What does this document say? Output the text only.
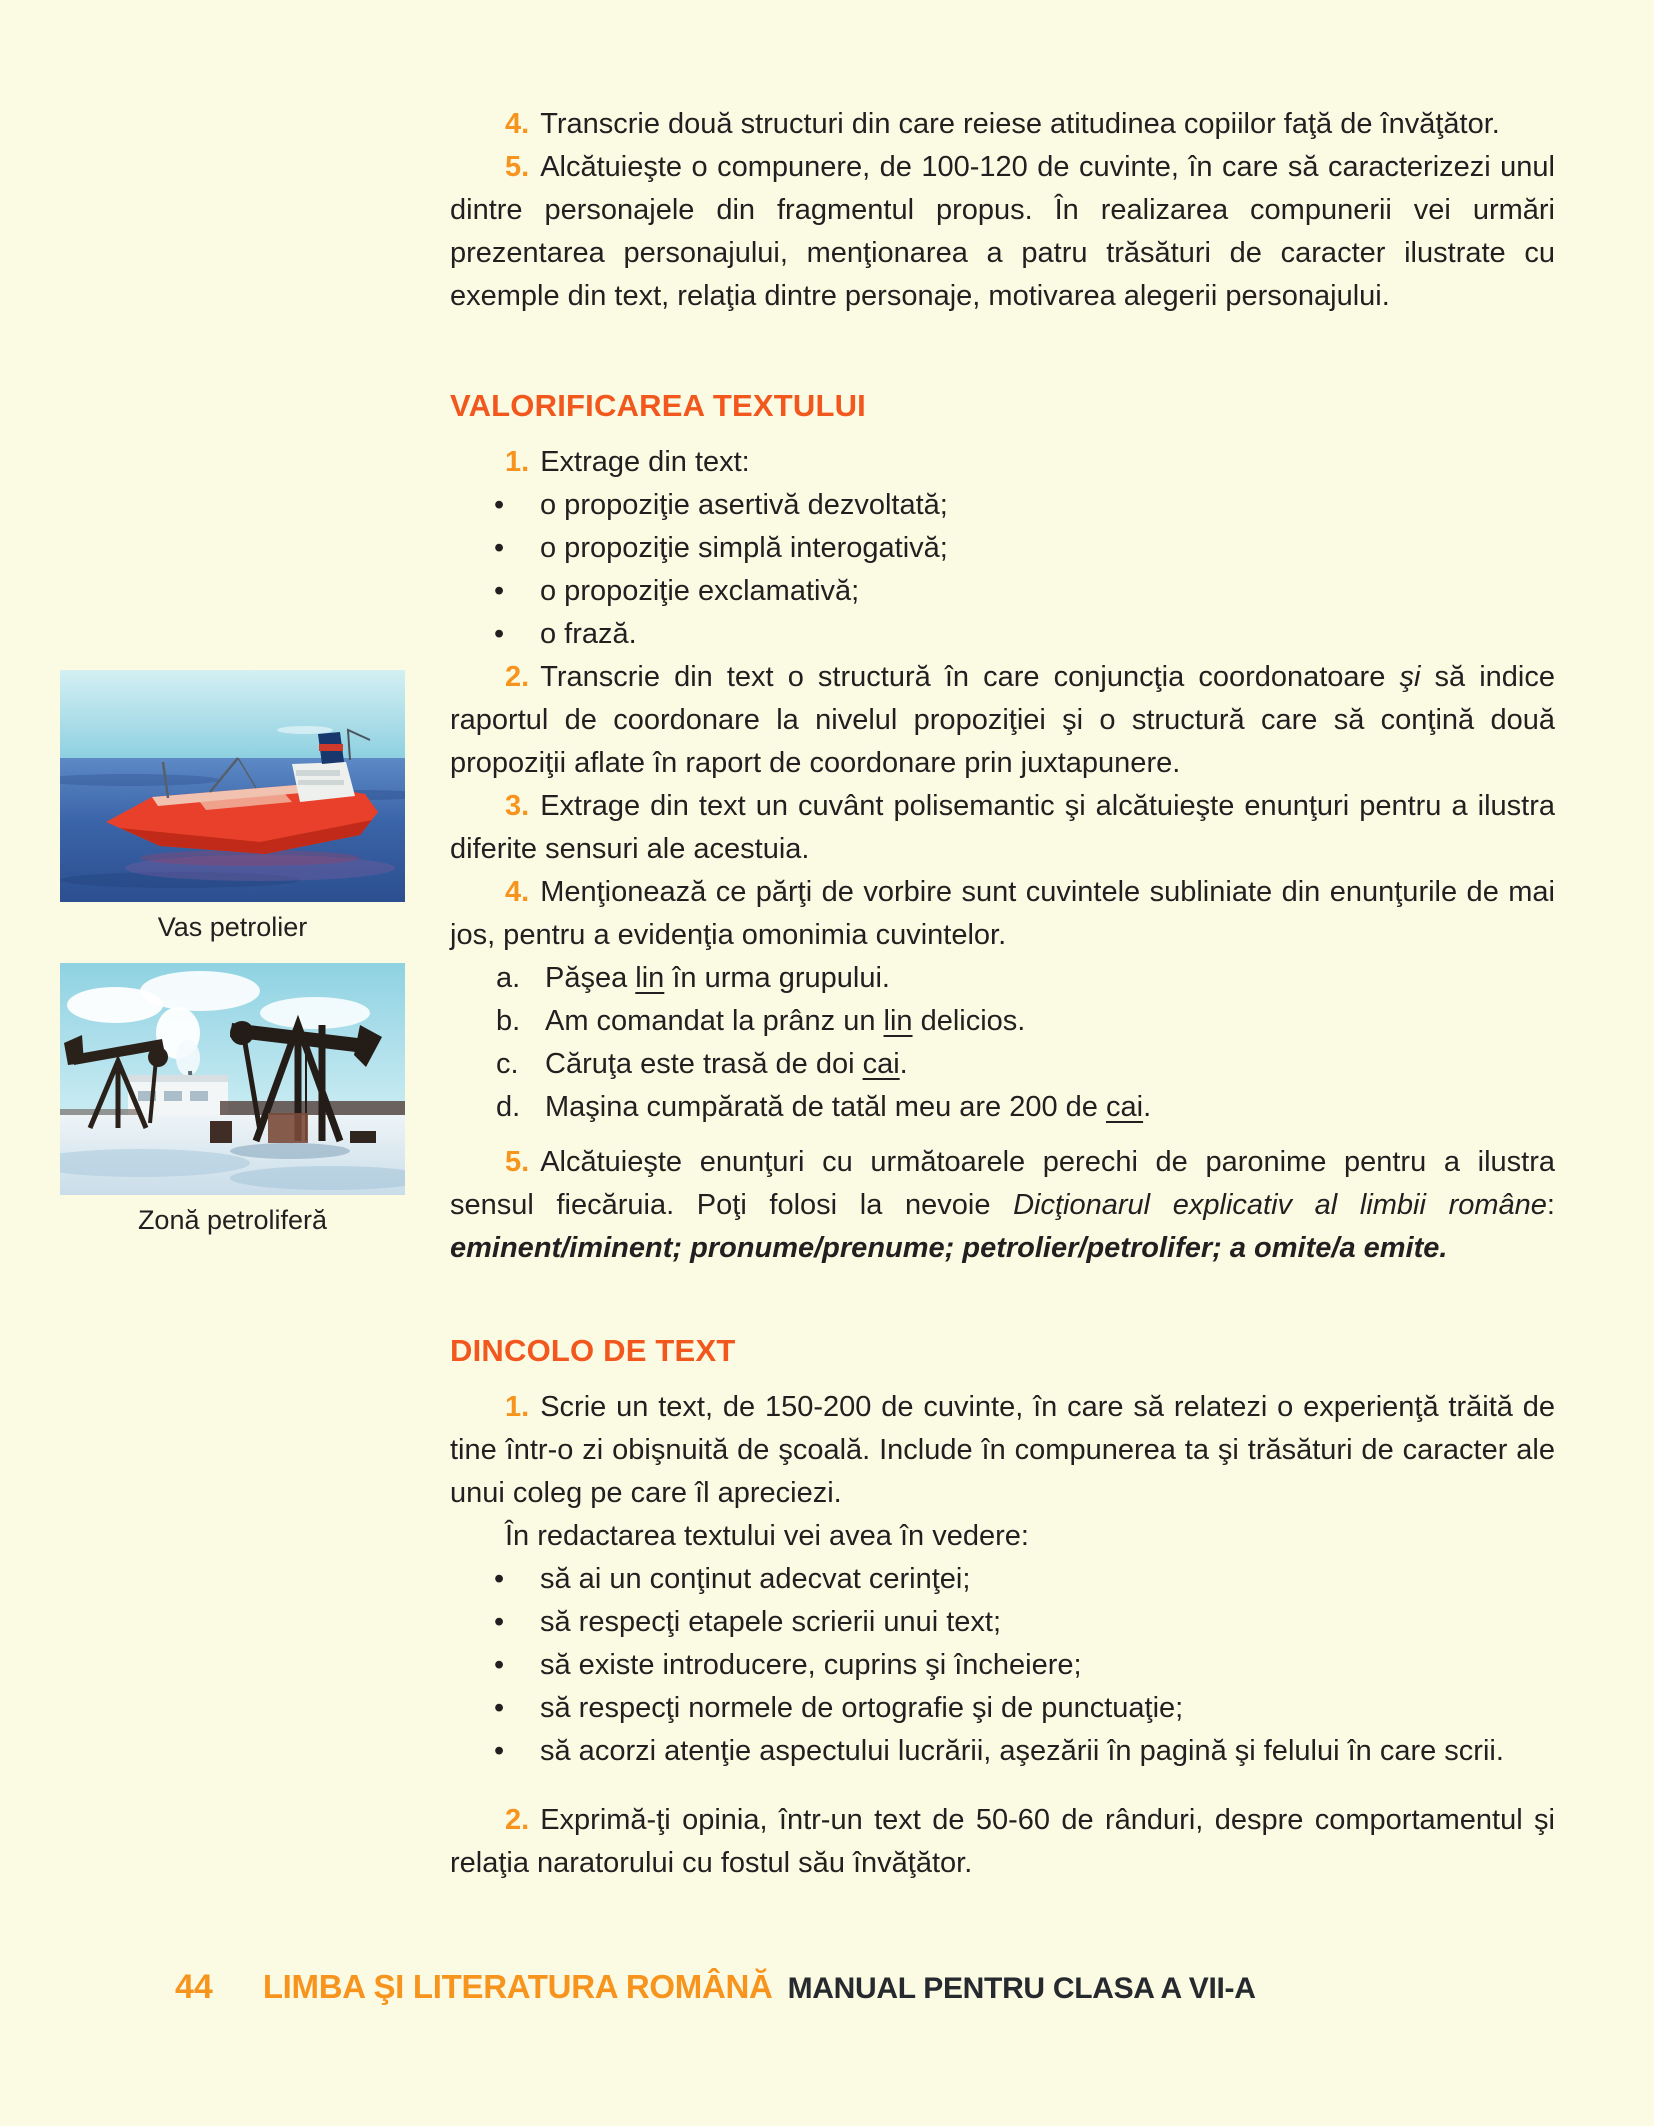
4. Transcrie două structuri din care reiese atitudinea copiilor faţă de învăţător.

5. Alcătuieşte o compunere, de 100-120 de cuvinte, în care să caracterizezi unul dintre personajele din fragmentul propus. În realizarea compunerii vei urmări prezentarea personajului, menţionarea a patru trăsături de caracter ilustrate cu exemple din text, relaţia dintre personaje, motivarea alegerii personajului.

VALORIFICAREA TEXTULUI

1. Extrage din text:

• o propoziţie asertivă dezvoltată;

• o propoziţie simplă interogativă;

• o propoziţie exclamativă;

• o frază.

2. Transcrie din text o structură în care conjuncţia coordonatoare şi să indice raportul de coordonare la nivelul propoziţiei şi o structură care să conţină două propoziţii aflate în raport de coordonare prin juxtapunere.

3. Extrage din text un cuvânt polisemantic şi alcătuieşte enunţuri pentru a ilustra diferite sensuri ale acestuia.

4. Menţionează ce părţi de vorbire sunt cuvintele subliniate din enunţurile de mai jos, pentru a evidenţia omonimia cuvintelor.

a. Păşea lin în urma grupului.

b. Am comandat la prânz un lin delicios.

c. Căruţa este trasă de doi cai.

d. Maşina cumpărată de tatăl meu are 200 de cai.

5. Alcătuieşte enunţuri cu următoarele perechi de paronime pentru a ilustra sensul fiecăruia. Poţi folosi la nevoie Dicţionarul explicativ al limbii române: eminent/iminent; pronume/prenume; petrolier/petrolifer; a omite/a emite.

DINCOLO DE TEXT

1. Scrie un text, de 150-200 de cuvinte, în care să relatezi o experienţă trăită de tine într-o zi obişnuită de şcoală. Include în compunerea ta şi trăsături de caracter ale unui coleg pe care îl apreciezi.

În redactarea textului vei avea în vedere:

• să ai un conţinut adecvat cerinţei;

• să respecţi etapele scrierii unui text;

• să existe introducere, cuprins şi încheiere;

• să respecţi normele de ortografie şi de punctuaţie;

• să acorzi atenţie aspectului lucrării, aşezării în pagină şi felului în care scrii.

2. Exprimă-ţi opinia, într-un text de 50-60 de rânduri, despre comportamentul şi relaţia naratorului cu fostul său învăţător.

Vas petrolier
Zonă petroliferă
44 LIMBA ŞI LITERATURA ROMÂNĂ MANUAL PENTRU CLASA A VII-A
